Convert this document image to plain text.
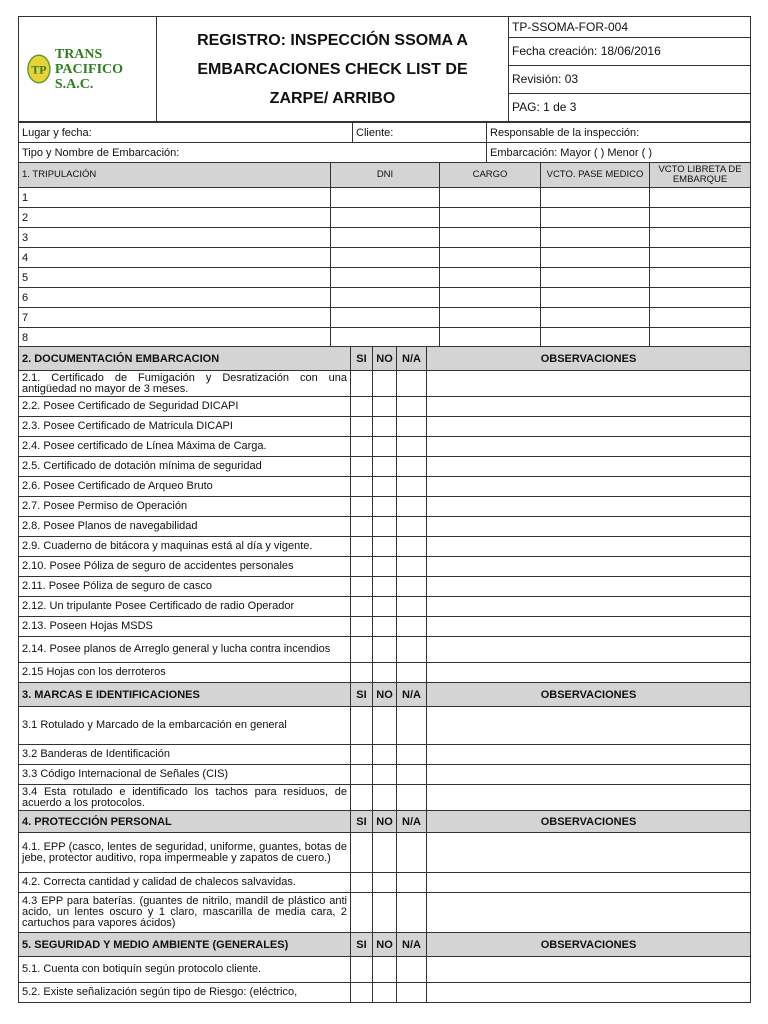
TP
TRANS
PACIFICO S.A.C.
	REGISTRO: INSPECCIÓN SSOMA A EMBARCACIONES CHECK LIST DE ZARPE/ ARRIBO	TP-SSOMA-FOR-004
Fecha creación: 18/06/2016
Revisión: 03
PAG: 1 de 3
Lugar y fecha:	Cliente:	Responsable de la inspección:
Tipo y Nombre de Embarcación:		Embarcación: Mayor ( ) Menor ( )
1. TRIPULACIÓN	DNI	CARGO	VCTO. PASE MEDICO	VCTO LIBRETA DE EMBARQUE
1				
2				
3				
4				
5				
6				
7				
8				
2. DOCUMENTACIÓN EMBARCACION	SI	NO	N/A	OBSERVACIONES
2.1. Certificado de Fumigación y Desratización con una antigüedad no mayor de 3 meses.				
2.2. Posee Certificado de Seguridad DICAPI				
2.3. Posee Certificado de Matricula DICAPI				
2.4. Posee certificado de Línea Máxima de Carga.				
2.5. Certificado de dotación mínima de seguridad				
2.6. Posee Certificado de Arqueo Bruto				
2.7. Posee Permiso de Operación				
2.8. Posee Planos de navegabilidad				
2.9. Cuaderno de bitácora y maquinas está al día y vigente.				
2.10. Posee Póliza de seguro de accidentes personales				
2.11. Posee Póliza de seguro de casco				
2.12. Un tripulante Posee Certificado de radio Operador				
2.13. Poseen Hojas MSDS				
2.14. Posee planos de Arreglo general y lucha contra incendios				
2.15 Hojas con los derroteros				
3. MARCAS E IDENTIFICACIONES	SI	NO	N/A	OBSERVACIONES
3.1 Rotulado y Marcado de la embarcación en general				
3.2 Banderas de Identificación				
3.3 Código Internacional de Señales (CIS)				
3.4 Esta rotulado e identificado los tachos para residuos, de acuerdo a los protocolos.				
4. PROTECCIÓN PERSONAL	SI	NO	N/A	OBSERVACIONES
4.1. EPP (casco, lentes de seguridad, uniforme, guantes, botas de jebe, protector auditivo, ropa impermeable y zapatos de cuero.)				
4.2. Correcta cantidad y calidad de chalecos salvavidas.				
4.3 EPP para baterías. (guantes de nitrilo, mandil de plástico anti acido, un lentes oscuro y 1 claro, mascarilla de media cara, 2 cartuchos para vapores ácidos)				
5. SEGURIDAD Y MEDIO AMBIENTE (GENERALES)	SI	NO	N/A	OBSERVACIONES
5.1. Cuenta con botiquín según protocolo cliente.				
5.2. Existe señalización según tipo de Riesgo: (eléctrico,				
